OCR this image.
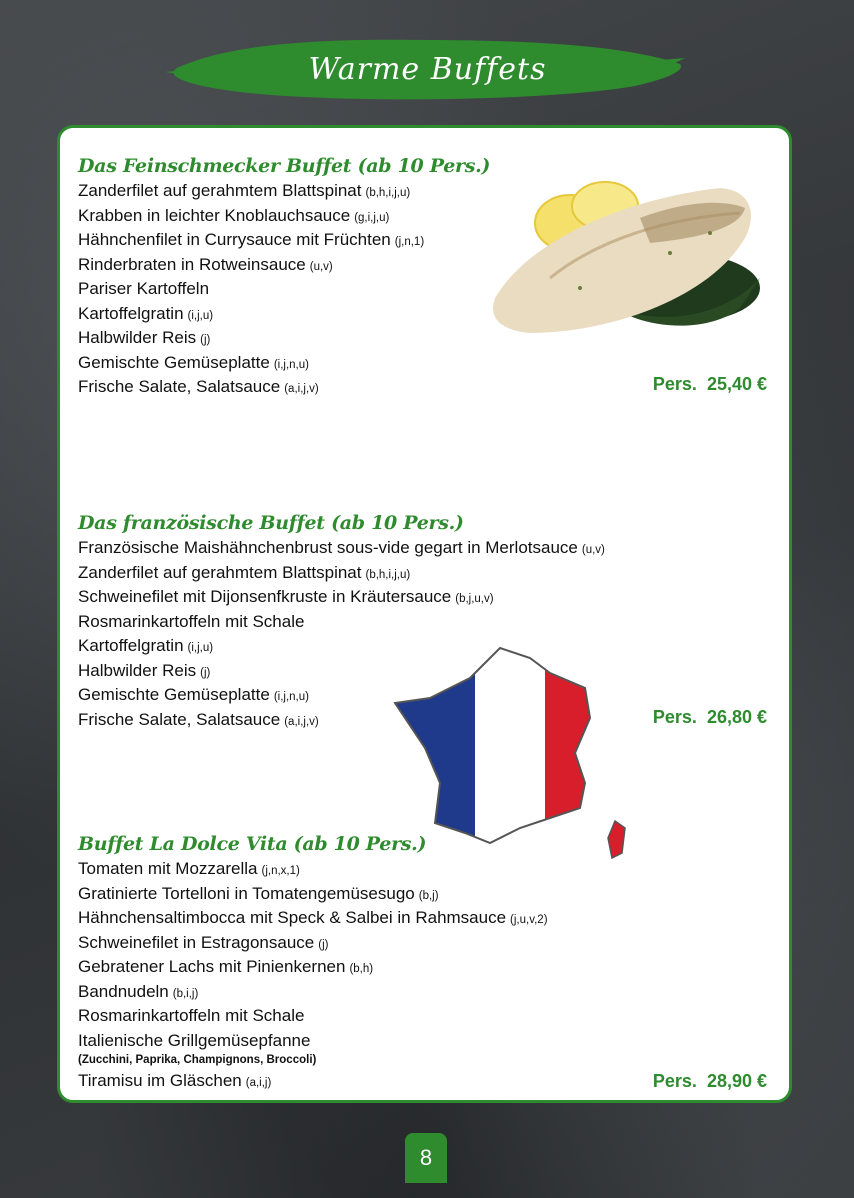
Warme Buffets
Das Feinschmecker Buffet (ab 10 Pers.)
Zanderfilet auf gerahmtem Blattspinat (b,h,i,j,u)
Krabben in leichter Knoblauchsauce (g,i,j,u)
Hähnchenfilet in Currysauce mit Früchten (j,n,1)
Rinderbraten in Rotweinsauce (u,v)
Pariser Kartoffeln
Kartoffelgratin (i,j,u)
Halbwilder Reis (j)
Gemischte Gemüseplatte (i,j,n,u)
Frische Salate, Salatsauce (a,i,j,v)	Pers. 25,40 €
Das französische Buffet (ab 10 Pers.)
Französische Maishähnchenbrust sous-vide gegart in Merlotsauce (u,v)
Zanderfilet auf gerahmtem Blattspinat (b,h,i,j,u)
Schweinefilet mit Dijonsenfkruste in Kräutersauce (b,j,u,v)
Rosmarinkartoffeln mit Schale
Kartoffelgratin (i,j,u)
Halbwilder Reis (j)
Gemischte Gemüseplatte (i,j,n,u)
Frische Salate, Salatsauce (a,i,j,v)	Pers. 26,80 €
Buffet La Dolce Vita (ab 10 Pers.)
Tomaten mit Mozzarella (j,n,x,1)
Gratinierte Tortelloni in Tomatengemüsesugo (b,j)
Hähnchensaltimbocca mit Speck & Salbei in Rahmsauce (j,u,v,2)
Schweinefilet in Estragonsauce (j)
Gebratener Lachs mit Pinienkernen (b,h)
Bandnudeln (b,i,j)
Rosmarinkartoffeln mit Schale
Italienische Grillgemüsepfanne
(Zucchini, Paprika, Champignons, Broccoli)
Tiramisu im Gläschen (a,i,j)	Pers. 28,90 €
8
